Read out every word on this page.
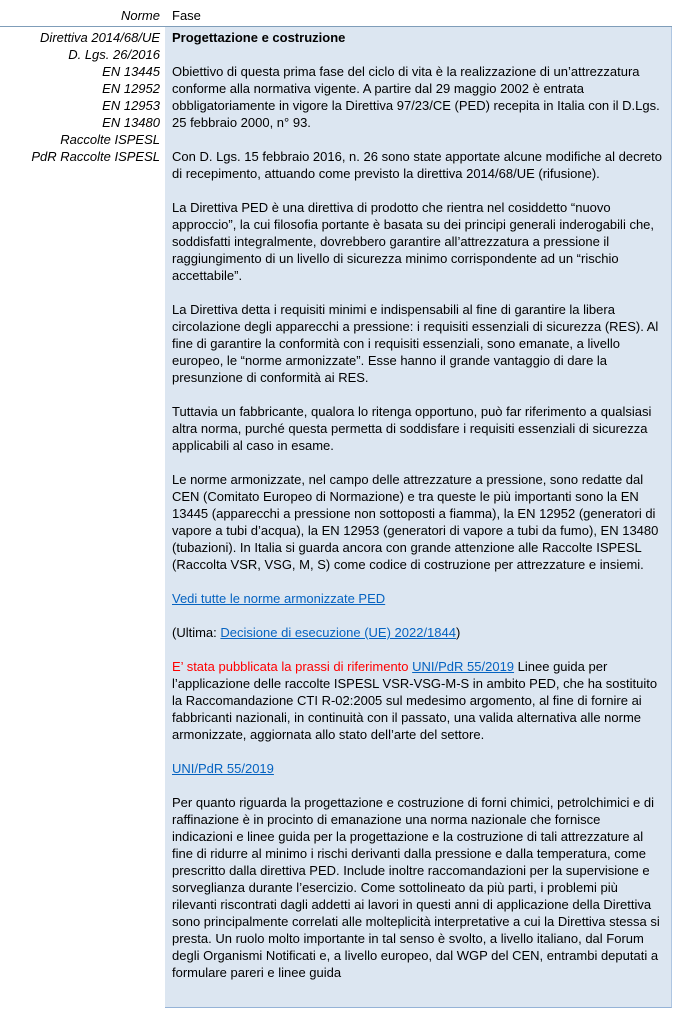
Norme Fase
Direttiva 2014/68/UE
D. Lgs. 26/2016
EN 13445
EN 12952
EN 12953
EN 13480
Raccolte ISPESL
PdR Raccolte ISPESL
Progettazione e costruzione

Obiettivo di questa prima fase del ciclo di vita è la realizzazione di un’attrezzatura conforme alla normativa vigente. A partire dal 29 maggio 2002 è entrata obbligatoriamente in vigore la Direttiva 97/23/CE (PED) recepita in Italia con il D.Lgs. 25 febbraio 2000, n° 93.

Con D. Lgs. 15 febbraio 2016, n. 26 sono state apportate alcune modifiche al decreto di recepimento, attuando come previsto la direttiva 2014/68/UE (rifusione).

La Direttiva PED è una direttiva di prodotto che rientra nel cosiddetto “nuovo approccio”, la cui filosofia portante è basata su dei principi generali inderogabili che, soddisfatti integralmente, dovrebbero garantire all’attrezzatura a pressione il raggiungimento di un livello di sicurezza minimo corrispondente ad un “rischio accettabile”.

La Direttiva detta i requisiti minimi e indispensabili al fine di garantire la libera circolazione degli apparecchi a pressione: i requisiti essenziali di sicurezza (RES). Al fine di garantire la conformità con i requisiti essenziali, sono emanate, a livello europeo, le “norme armonizzate”. Esse hanno il grande vantaggio di dare la presunzione di conformità ai RES.

Tuttavia un fabbricante, qualora lo ritenga opportuno, può far riferimento a qualsiasi altra norma, purché questa permetta di soddisfare i requisiti essenziali di sicurezza applicabili al caso in esame.

Le norme armonizzate, nel campo delle attrezzature a pressione, sono redatte dal CEN (Comitato Europeo di Normazione) e tra queste le più importanti sono la EN 13445 (apparecchi a pressione non sottoposti a fiamma), la EN 12952 (generatori di vapore a tubi d’acqua), la EN 12953 (generatori di vapore a tubi da fumo), EN 13480 (tubazioni). In Italia si guarda ancora con grande attenzione alle Raccolte ISPESL (Raccolta VSR, VSG, M, S) come codice di costruzione per attrezzature e insiemi.

Vedi tutte le norme armonizzate PED

(Ultima: Decisione di esecuzione (UE) 2022/1844)

E’ stata pubblicata la prassi di riferimento UNI/PdR 55/2019 Linee guida per l’applicazione delle raccolte ISPESL VSR-VSG-M-S in ambito PED, che ha sostituito la Raccomandazione CTI R-02:2005 sul medesimo argomento, al fine di fornire ai fabbricanti nazionali, in continuità con il passato, una valida alternativa alle norme armonizzate, aggiornata allo stato dell’arte del settore.

UNI/PdR 55/2019

Per quanto riguarda la progettazione e costruzione di forni chimici, petrolchimici e di raffinazione è in procinto di emanazione una norma nazionale che fornisce indicazioni e linee guida per la progettazione e la costruzione di tali attrezzature al fine di ridurre al minimo i rischi derivanti dalla pressione e dalla temperatura, come prescritto dalla direttiva PED. Include inoltre raccomandazioni per la supervisione e sorveglianza durante l’esercizio. Come sottolineato da più parti, i problemi più rilevanti riscontrati dagli addetti ai lavori in questi anni di applicazione della Direttiva sono principalmente correlati alle molteplicità interpretative a cui la Direttiva stessa si presta. Un ruolo molto importante in tal senso è svolto, a livello italiano, dal Forum degli Organismi Notificati e, a livello europeo, dal WGP del CEN, entrambi deputati a formulare pareri e linee guida
